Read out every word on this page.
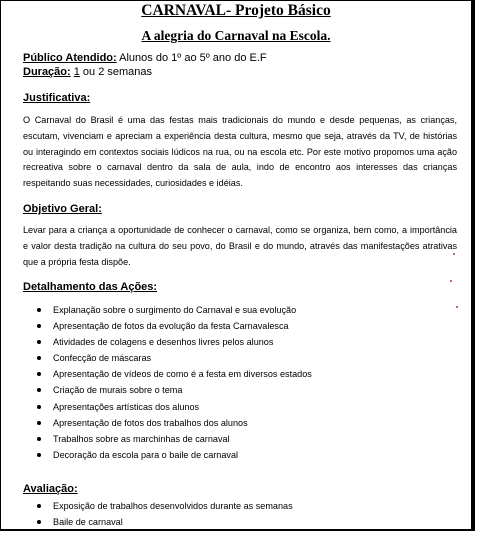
CARNAVAL- Projeto Básico
A alegria do Carnaval na Escola.
Público Atendido: Alunos do 1º ao 5º ano do E.F
Duração: 1 ou 2 semanas
Justificativa:
O Carnaval do Brasil é uma das festas mais tradicionais do mundo e desde pequenas, as crianças, escutam, vivenciam e apreciam a experiência desta cultura, mesmo que seja, através da TV, de histórias ou interagindo em contextos sociais lúdicos na rua, ou na escola etc. Por este motivo propomos uma ação recreativa sobre o carnaval dentro da sala de aula, indo de encontro aos interesses das crianças respeitando suas necessidades, curiosidades e idéias.
Objetivo Geral:
Levar para a criança a oportunidade de conhecer o carnaval, como se organiza, bem como, a importância e valor desta tradição na cultura do seu povo, do Brasil e do mundo, através das manifestações atrativas que a própria festa dispõe.
Detalhamento das Ações:
Explanação sobre o surgimento do Carnaval e sua evolução
Apresentação de fotos da evolução da festa Carnavalesca
Atividades de colagens e desenhos livres pelos alunos
Confecção de máscaras
Apresentação de vídeos de como é a festa em diversos estados
Criação de murais sobre o tema
Apresentações artísticas dos alunos
Apresentação de fotos dos trabalhos dos alunos
Trabalhos sobre as marchinhas de carnaval
Decoração da escola para o baile de carnaval
Avaliação:
Exposição de trabalhos desenvolvidos durante as semanas
Baile de carnaval
